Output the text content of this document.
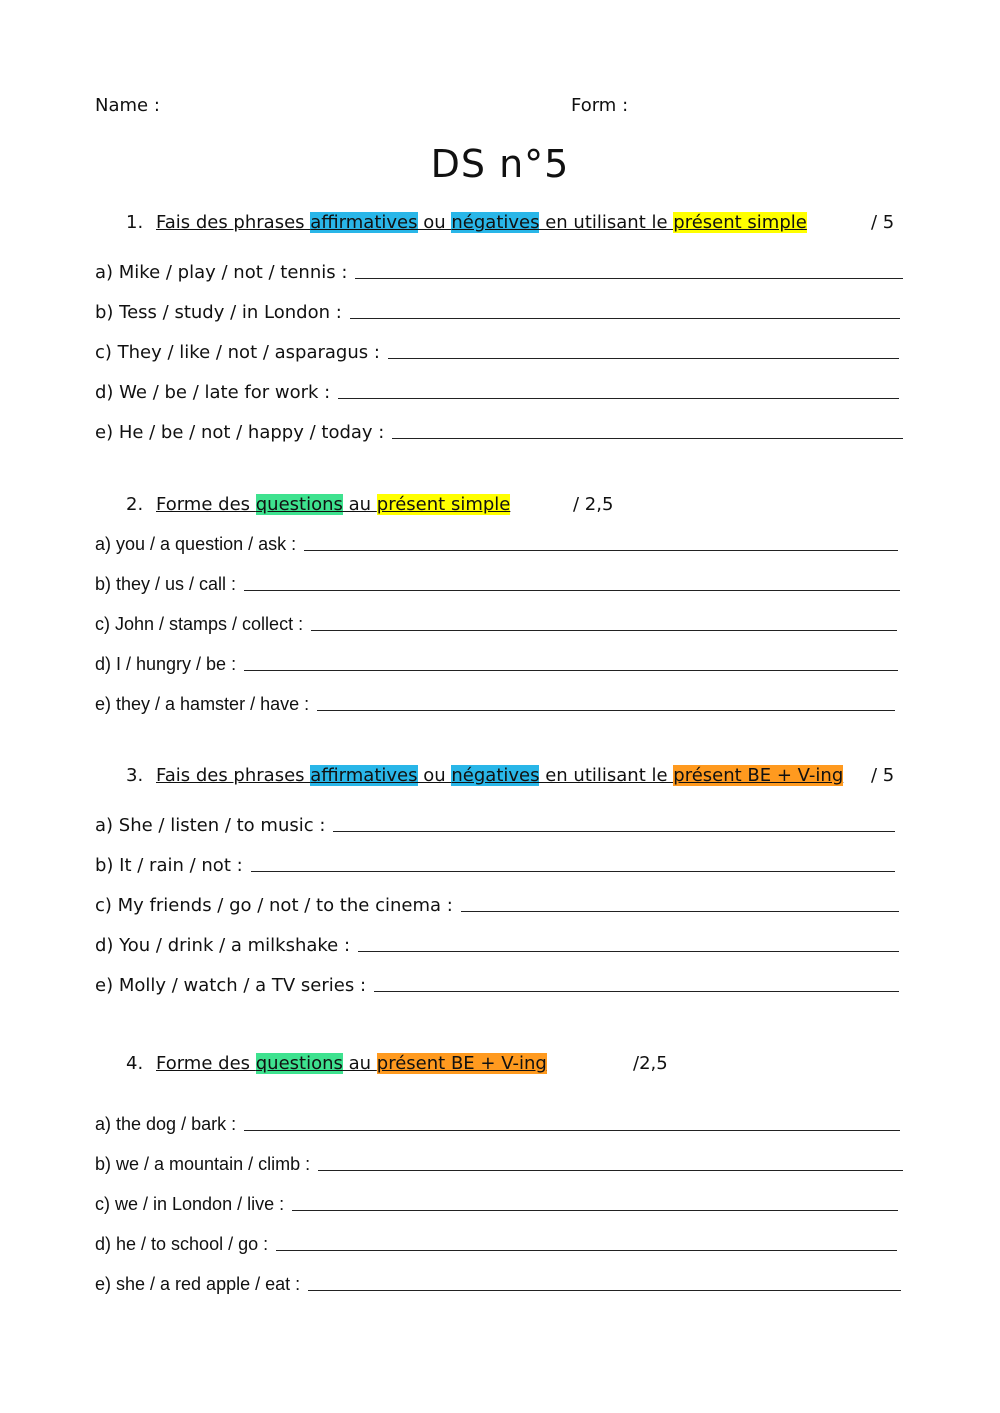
Name :	Form :
DS n°5
1. Fais des phrases affirmatives ou négatives en utilisant le présent simple	/ 5
a) Mike / play / not / tennis :
b) Tess / study / in London :
c) They / like / not / asparagus :
d) We / be / late for work :
e) He / be / not / happy / today :
2. Forme des questions au présent simple	/ 2,5
a) you / a question / ask :
b) they / us / call :
c) John / stamps / collect :
d) I / hungry / be :
e) they / a hamster / have :
3. Fais des phrases affirmatives ou négatives en utilisant le présent BE + V-ing / 5
a) She / listen / to music :
b) It / rain / not :
c) My friends / go / not / to the cinema :
d) You / drink / a milkshake :
e) Molly / watch / a TV series :
4. Forme des questions au présent BE + V-ing	/2,5
a) the dog / bark :
b) we / a mountain / climb :
c) we / in London / live :
d) he / to school / go :
e) she / a red apple / eat :
